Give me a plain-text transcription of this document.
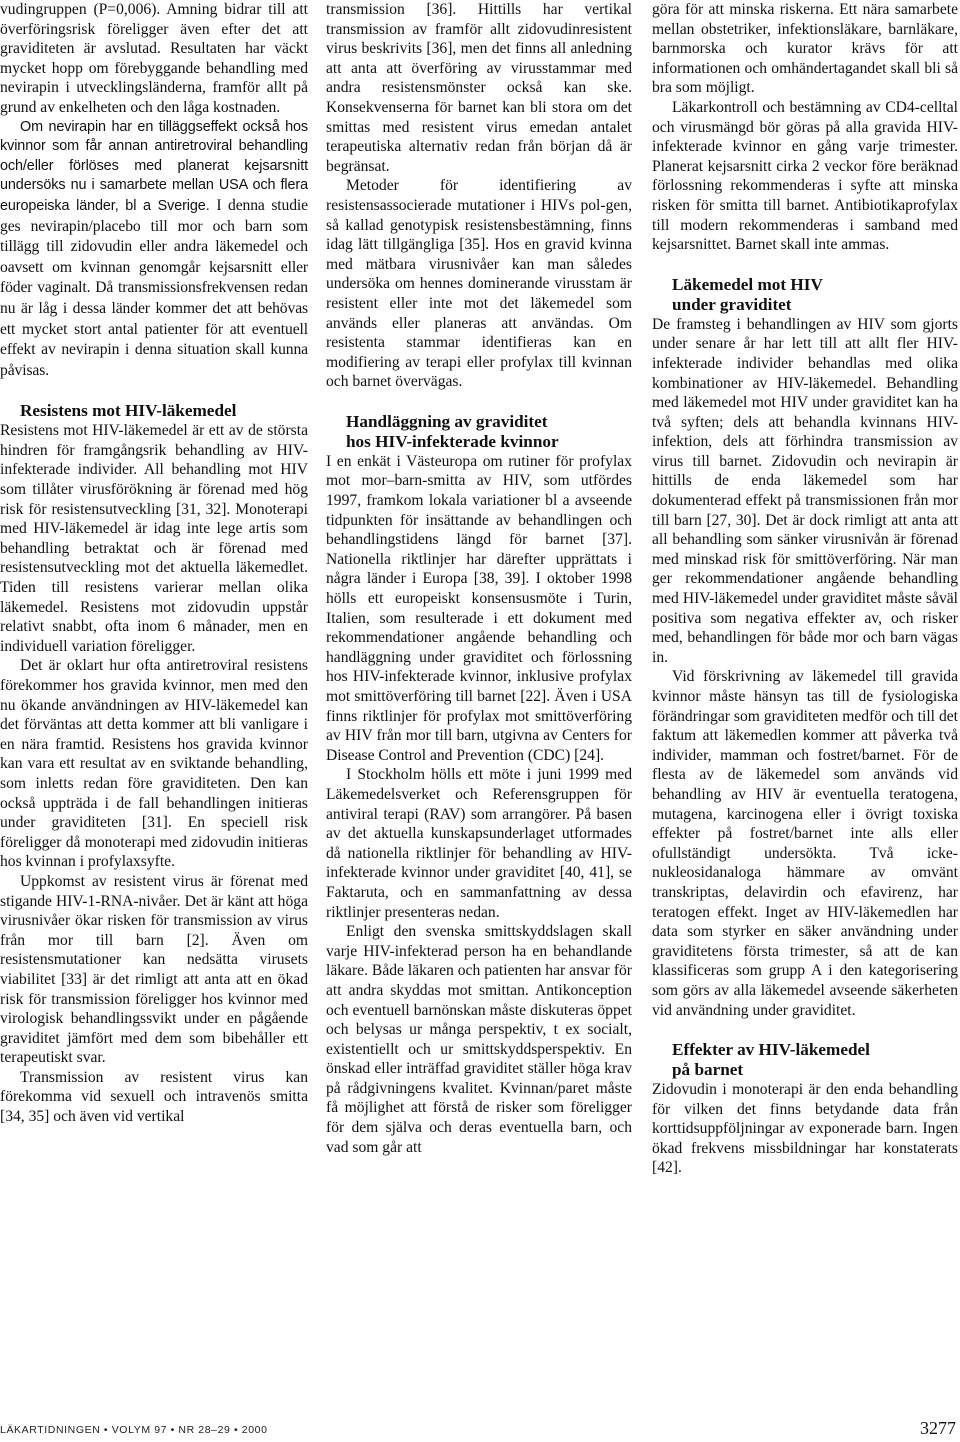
vudingruppen (P=0,006). Amning bidrar till att överföringsrisk föreligger även efter det att graviditeten är avslutad. Resultaten har väckt mycket hopp om förebyggande behandling med nevirapin i utvecklingsländerna, framför allt på grund av enkelheten och den låga kostnaden.

Om nevirapin har en tilläggseffekt också hos kvinnor som får annan antiretroviral behandling och/eller förlöses med planerat kejsarsnitt undersöks nu i samarbete mellan USA och flera europeiska länder, bl a Sverige. I denna studie ges nevirapin/placebo till mor och barn som tillägg till zidovudin eller andra läkemedel och oavsett om kvinnan genomgår kejsarsnitt eller föder vaginalt. Då transmissionsfrekvensen redan nu är låg i dessa länder kommer det att behövas ett mycket stort antal patienter för att eventuell effekt av nevirapin i denna situation skall kunna påvisas.

Resistens mot HIV-läkemedel

Resistens mot HIV-läkemedel är ett av de största hindren för framgångsrik behandling av HIV-infekterade individer. All behandling mot HIV som tillåter virusförökning är förenad med hög risk för resistensutveckling [31, 32]. Monoterapi med HIV-läkemedel är idag inte lege artis som behandling betraktat och är förenad med resistensutveckling mot det aktuella läkemedlet. Tiden till resistens varierar mellan olika läkemedel. Resistens mot zidovudin uppstår relativt snabbt, ofta inom 6 månader, men en individuell variation föreligger.

Det är oklart hur ofta antiretroviral resistens förekommer hos gravida kvinnor, men med den nu ökande användningen av HIV-läkemedel kan det förväntas att detta kommer att bli vanligare i en nära framtid. Resistens hos gravida kvinnor kan vara ett resultat av en sviktande behandling, som inletts redan före graviditeten. Den kan också uppträda i de fall behandlingen initieras under graviditeten [31]. En speciell risk föreligger då monoterapi med zidovudin initieras hos kvinnan i profylaxsyfte.

Uppkomst av resistent virus är förenat med stigande HIV-1-RNA-nivåer. Det är känt att höga virusnivåer ökar risken för transmission av virus från mor till barn [2]. Även om resistensmutationer kan nedsätta virusets viabilitet [33] är det rimligt att anta att en ökad risk för transmission föreligger hos kvinnor med virologisk behandlingssvikt under en pågående graviditet jämfört med dem som bibehåller ett terapeutiskt svar.

Transmission av resistent virus kan förekomma vid sexuell och intravenös smitta [34, 35] och även vid vertikal

transmission [36]. Hittills har vertikal transmission av framför allt zidovudinresistent virus beskrivits [36], men det finns all anledning att anta att överföring av virusstammar med andra resistensmönster också kan ske. Konsekvenserna för barnet kan bli stora om det smittas med resistent virus emedan antalet terapeutiska alternativ redan från början då är begränsat.

Metoder för identifiering av resistensassocierade mutationer i HIVs pol-gen, så kallad genotypisk resistensbestämning, finns idag lätt tillgängliga [35]. Hos en gravid kvinna med mätbara virusnivåer kan man således undersöka om hennes dominerande virusstam är resistent eller inte mot det läkemedel som används eller planeras att användas. Om resistenta stammar identifieras kan en modifiering av terapi eller profylax till kvinnan och barnet övervägas.

Handläggning av graviditet
hos HIV-infekterade kvinnor

I en enkät i Västeuropa om rutiner för profylax mot mor–barn-smitta av HIV, som utfördes 1997, framkom lokala variationer bl a avseende tidpunkten för insättande av behandlingen och behandlingstidens längd för barnet [37]. Nationella riktlinjer har därefter upprättats i några länder i Europa [38, 39]. I oktober 1998 hölls ett europeiskt konsensusmöte i Turin, Italien, som resulterade i ett dokument med rekommendationer angående behandling och handläggning under graviditet och förlossning hos HIV-infekterade kvinnor, inklusive profylax mot smittöverföring till barnet [22]. Även i USA finns riktlinjer för profylax mot smittöverföring av HIV från mor till barn, utgivna av Centers for Disease Control and Prevention (CDC) [24].

I Stockholm hölls ett möte i juni 1999 med Läkemedelsverket och Referensgruppen för antiviral terapi (RAV) som arrangörer. På basen av det aktuella kunskapsunderlaget utformades då nationella riktlinjer för behandling av HIV-infekterade kvinnor under graviditet [40, 41], se Faktaruta, och en sammanfattning av dessa riktlinjer presenteras nedan.

Enligt den svenska smittskyddslagen skall varje HIV-infekterad person ha en behandlande läkare. Både läkaren och patienten har ansvar för att andra skyddas mot smittan. Antikonception och eventuell barnönskan måste diskuteras öppet och belysas ur många perspektiv, t ex socialt, existentiellt och ur smittskyddsperspektiv. En önskad eller inträffad graviditet ställer höga krav på rådgivningens kvalitet. Kvinnan/paret måste få möjlighet att förstå de risker som föreligger för dem själva och deras eventuella barn, och vad som går att

göra för att minska riskerna. Ett nära samarbete mellan obstetriker, infektionsläkare, barnläkare, barnmorska och kurator krävs för att informationen och omhändertagandet skall bli så bra som möjligt.

Läkarkontroll och bestämning av CD4-celltal och virusmängd bör göras på alla gravida HIV-infekterade kvinnor en gång varje trimester. Planerat kejsarsnitt cirka 2 veckor före beräknad förlossning rekommenderas i syfte att minska risken för smitta till barnet. Antibiotikaprofylax till modern rekommenderas i samband med kejsarsnittet. Barnet skall inte ammas.

Läkemedel mot HIV
under graviditet

De framsteg i behandlingen av HIV som gjorts under senare år har lett till att allt fler HIV-infekterade individer behandlas med olika kombinationer av HIV-läkemedel. Behandling med läkemedel mot HIV under graviditet kan ha två syften; dels att behandla kvinnans HIV-infektion, dels att förhindra transmission av virus till barnet. Zidovudin och nevirapin är hittills de enda läkemedel som har dokumenterad effekt på transmissionen från mor till barn [27, 30]. Det är dock rimligt att anta att all behandling som sänker virusnivån är förenad med minskad risk för smittöverföring. När man ger rekommendationer angående behandling med HIV-läkemedel under graviditet måste såväl positiva som negativa effekter av, och risker med, behandlingen för både mor och barn vägas in.

Vid förskrivning av läkemedel till gravida kvinnor måste hänsyn tas till de fysiologiska förändringar som graviditeten medför och till det faktum att läkemedlen kommer att påverka två individer, mamman och fostret/barnet. För de flesta av de läkemedel som används vid behandling av HIV är eventuella teratogena, mutagena, karcinogena eller i övrigt toxiska effekter på fostret/barnet inte alls eller ofullständigt undersökta. Två icke-nukleosidanaloga hämmare av omvänt transkriptas, delavirdin och efavirenz, har teratogen effekt. Inget av HIV-läkemedlen har data som styrker en säker användning under graviditetens första trimester, så att de kan klassificeras som grupp A i den kategorisering som görs av alla läkemedel avseende säkerheten vid användning under graviditet.

Effekter av HIV-läkemedel
på barnet

Zidovudin i monoterapi är den enda behandling för vilken det finns betydande data från korttidsuppföljningar av exponerade barn. Ingen ökad frekvens missbildningar har konstaterats [42].

LÄKARTIDNINGEN • VOLYM 97 • NR 28–29 • 2000	3277
